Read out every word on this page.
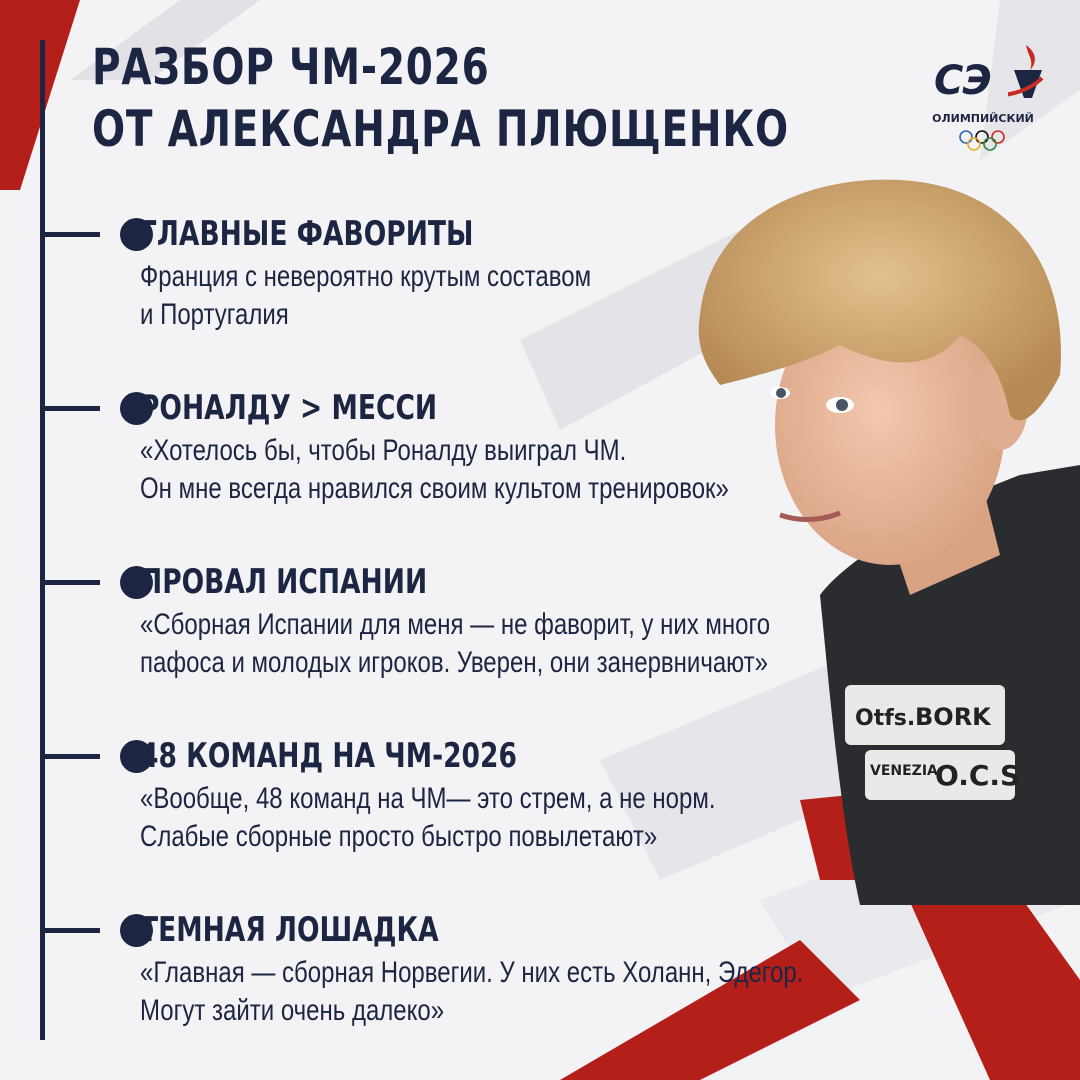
Otfs. BORK
VENEZIA
O.C.S
РАЗБОР ЧМ-2026
ОТ АЛЕКСАНДРА ПЛЮЩЕНКО
СЭ
ОЛИМПИЙСКИЙ
ГЛАВНЫЕ ФАВОРИТЫ
Франция с невероятно крутым составом
и Португалия
РОНАЛДУ > МЕССИ
«Хотелось бы, чтобы Роналду выиграл ЧМ.
Он мне всегда нравился своим культом тренировок»
ПРОВАЛ ИСПАНИИ
«Сборная Испании для меня — не фаворит, у них много
пафоса и молодых игроков. Уверен, они занервничают»
48 КОМАНД НА ЧМ-2026
«Вообще, 48 команд на ЧМ— это стрем, а не норм.
Слабые сборные просто быстро повылетают»
ТЕМНАЯ ЛОШАДКА
«Главная — сборная Норвегии. У них есть Холанн, Эдегор.
Могут зайти очень далеко»
